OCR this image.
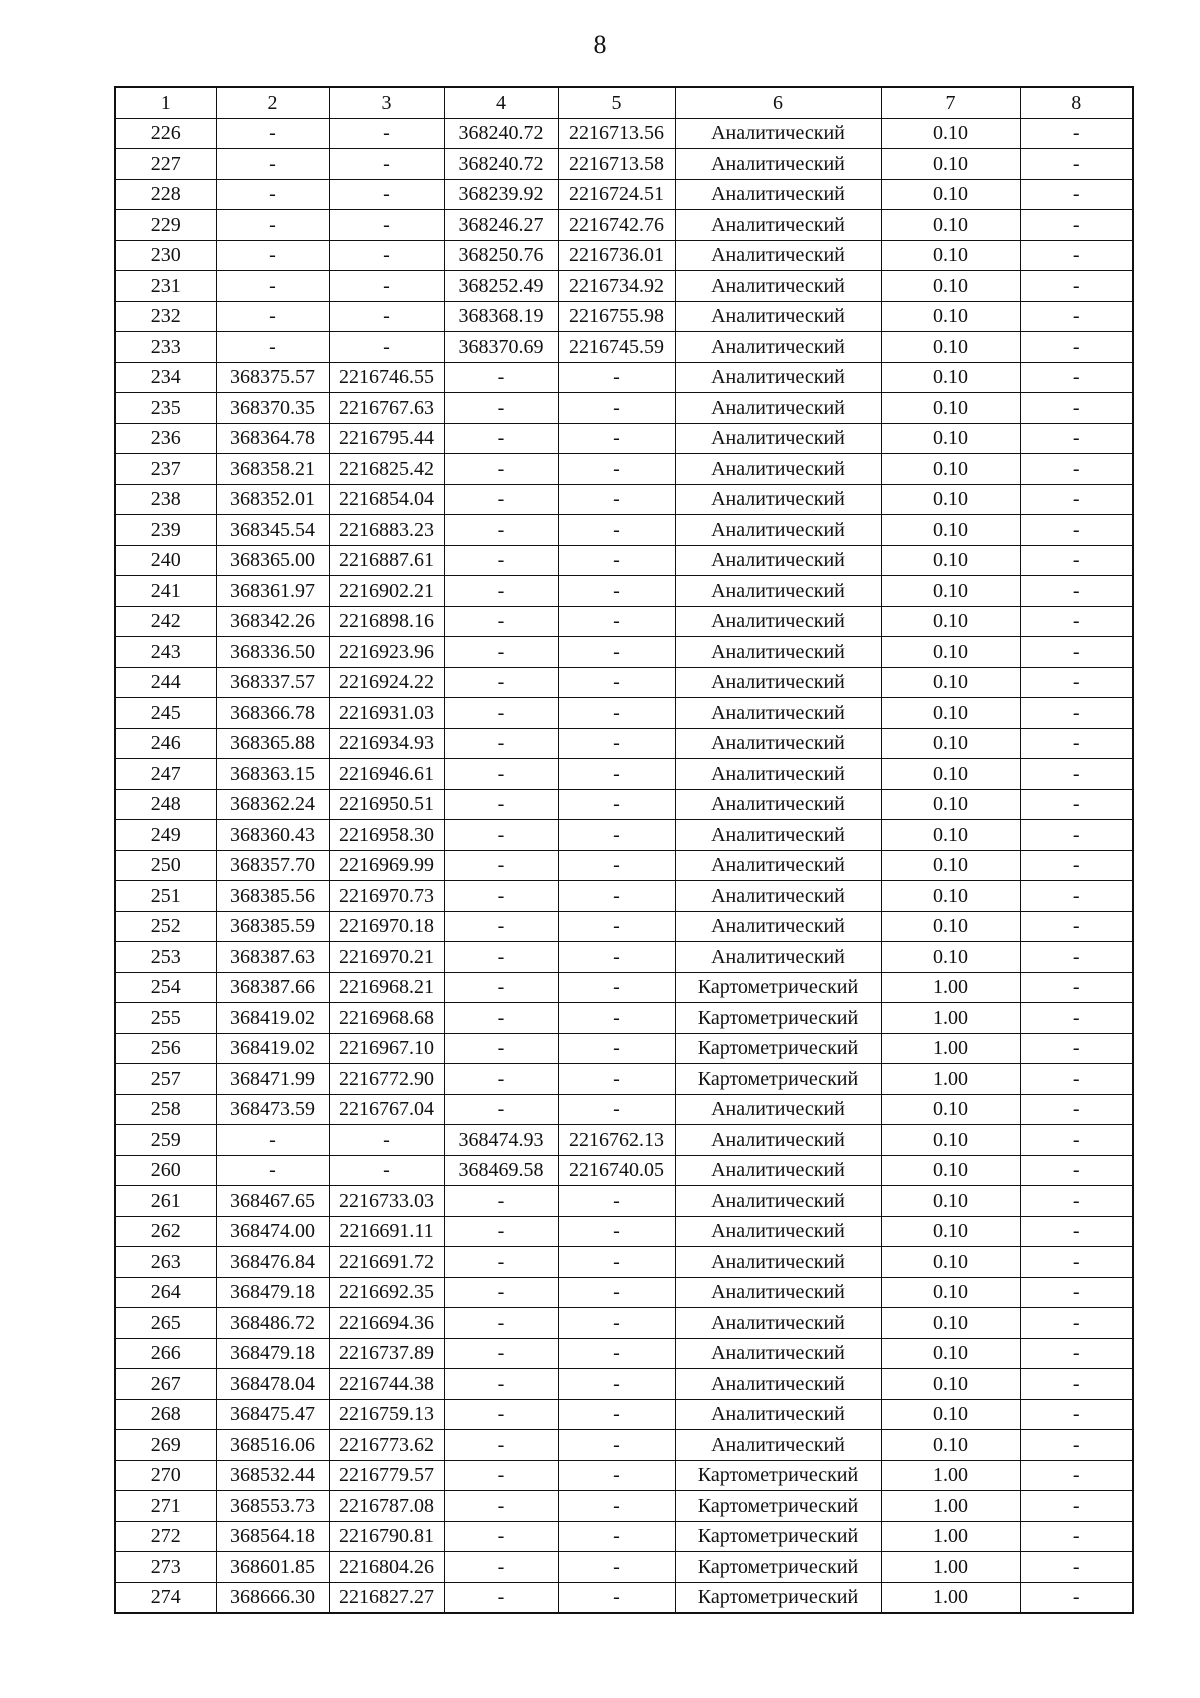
8
1	2	3	4	5	6	7	8
226	-	-	368240.72	2216713.56	Аналитический	0.10	-
227	-	-	368240.72	2216713.58	Аналитический	0.10	-
228	-	-	368239.92	2216724.51	Аналитический	0.10	-
229	-	-	368246.27	2216742.76	Аналитический	0.10	-
230	-	-	368250.76	2216736.01	Аналитический	0.10	-
231	-	-	368252.49	2216734.92	Аналитический	0.10	-
232	-	-	368368.19	2216755.98	Аналитический	0.10	-
233	-	-	368370.69	2216745.59	Аналитический	0.10	-
234	368375.57	2216746.55	-	-	Аналитический	0.10	-
235	368370.35	2216767.63	-	-	Аналитический	0.10	-
236	368364.78	2216795.44	-	-	Аналитический	0.10	-
237	368358.21	2216825.42	-	-	Аналитический	0.10	-
238	368352.01	2216854.04	-	-	Аналитический	0.10	-
239	368345.54	2216883.23	-	-	Аналитический	0.10	-
240	368365.00	2216887.61	-	-	Аналитический	0.10	-
241	368361.97	2216902.21	-	-	Аналитический	0.10	-
242	368342.26	2216898.16	-	-	Аналитический	0.10	-
243	368336.50	2216923.96	-	-	Аналитический	0.10	-
244	368337.57	2216924.22	-	-	Аналитический	0.10	-
245	368366.78	2216931.03	-	-	Аналитический	0.10	-
246	368365.88	2216934.93	-	-	Аналитический	0.10	-
247	368363.15	2216946.61	-	-	Аналитический	0.10	-
248	368362.24	2216950.51	-	-	Аналитический	0.10	-
249	368360.43	2216958.30	-	-	Аналитический	0.10	-
250	368357.70	2216969.99	-	-	Аналитический	0.10	-
251	368385.56	2216970.73	-	-	Аналитический	0.10	-
252	368385.59	2216970.18	-	-	Аналитический	0.10	-
253	368387.63	2216970.21	-	-	Аналитический	0.10	-
254	368387.66	2216968.21	-	-	Картометрический	1.00	-
255	368419.02	2216968.68	-	-	Картометрический	1.00	-
256	368419.02	2216967.10	-	-	Картометрический	1.00	-
257	368471.99	2216772.90	-	-	Картометрический	1.00	-
258	368473.59	2216767.04	-	-	Аналитический	0.10	-
259	-	-	368474.93	2216762.13	Аналитический	0.10	-
260	-	-	368469.58	2216740.05	Аналитический	0.10	-
261	368467.65	2216733.03	-	-	Аналитический	0.10	-
262	368474.00	2216691.11	-	-	Аналитический	0.10	-
263	368476.84	2216691.72	-	-	Аналитический	0.10	-
264	368479.18	2216692.35	-	-	Аналитический	0.10	-
265	368486.72	2216694.36	-	-	Аналитический	0.10	-
266	368479.18	2216737.89	-	-	Аналитический	0.10	-
267	368478.04	2216744.38	-	-	Аналитический	0.10	-
268	368475.47	2216759.13	-	-	Аналитический	0.10	-
269	368516.06	2216773.62	-	-	Аналитический	0.10	-
270	368532.44	2216779.57	-	-	Картометрический	1.00	-
271	368553.73	2216787.08	-	-	Картометрический	1.00	-
272	368564.18	2216790.81	-	-	Картометрический	1.00	-
273	368601.85	2216804.26	-	-	Картометрический	1.00	-
274	368666.30	2216827.27	-	-	Картометрический	1.00	-
